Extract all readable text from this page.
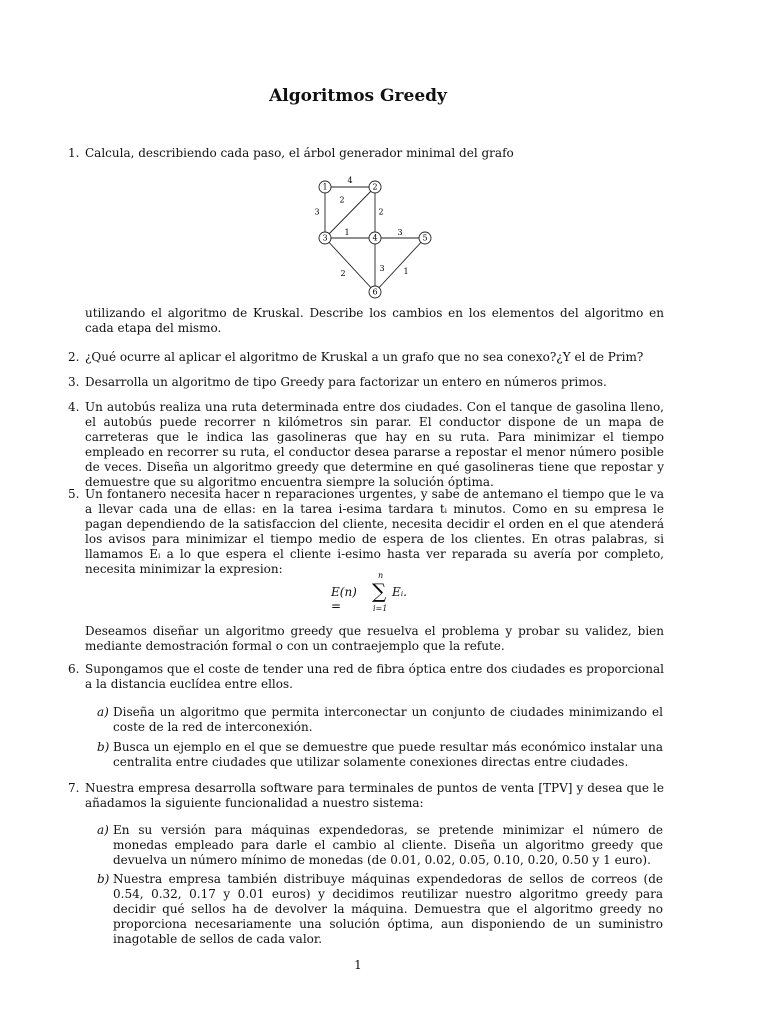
Algoritmos Greedy
1. Calcula, describiendo cada paso, el árbol generador minimal del grafo
4
3
2
2
1	3
2
3 1
1	2
3	4	5
6
utilizando el algoritmo de Kruskal. Describe los cambios en los elementos del algoritmo en cada etapa del mismo.
2. ¿Qué ocurre al aplicar el algoritmo de Kruskal a un grafo que no sea conexo?¿Y el de Prim?
3. Desarrolla un algoritmo de tipo Greedy para factorizar un entero en números primos.
4. Un autobús realiza una ruta determinada entre dos ciudades. Con el tanque de gasolina lleno, el autobús puede recorrer n kilómetros sin parar. El conductor dispone de un mapa de carreteras que le indica las gasolineras que hay en su ruta. Para minimizar el tiempo empleado en recorrer su ruta, el conductor desea pararse a repostar el menor número posible de veces. Diseña un algoritmo greedy que determine en qué gasolineras tiene que repostar y demuestre que su algoritmo encuentra siempre la solución óptima.
5. Un fontanero necesita hacer n reparaciones urgentes, y sabe de antemano el tiempo que le va a llevar cada una de ellas: en la tarea i-esima tardara tᵢ minutos. Como en su empresa le pagan dependiendo de la satisfaccion del cliente, necesita decidir el orden en el que atenderá los avisos para minimizar el tiempo medio de espera de los clientes. En otras palabras, si llamamos Eᵢ a lo que espera el cliente i-esimo hasta ver reparada su avería por completo, necesita minimizar la expresion:
E(n) =
n
∑
i=1
Eᵢ.
Deseamos diseñar un algoritmo greedy que resuelva el problema y probar su validez, bien mediante demostración formal o con un contraejemplo que la refute.
6. Supongamos que el coste de tender una red de fibra óptica entre dos ciudades es proporcional a la distancia euclídea entre ellos.
a) Diseña un algoritmo que permita interconectar un conjunto de ciudades minimizando el coste de la red de interconexión.
b) Busca un ejemplo en el que se demuestre que puede resultar más económico instalar una centralita entre ciudades que utilizar solamente conexiones directas entre ciudades.
7. Nuestra empresa desarrolla software para terminales de puntos de venta [TPV] y desea que le añadamos la siguiente funcionalidad a nuestro sistema:
a) En su versión para máquinas expendedoras, se pretende minimizar el número de monedas empleado para darle el cambio al cliente. Diseña un algoritmo greedy que devuelva un número mínimo de monedas (de 0.01, 0.02, 0.05, 0.10, 0.20, 0.50 y 1 euro).
b) Nuestra empresa también distribuye máquinas expendedoras de sellos de correos (de 0.54, 0.32, 0.17 y 0.01 euros) y decidimos reutilizar nuestro algoritmo greedy para decidir qué sellos ha de devolver la máquina. Demuestra que el algoritmo greedy no proporciona necesariamente una solución óptima, aun disponiendo de un suministro inagotable de sellos de cada valor.
1
